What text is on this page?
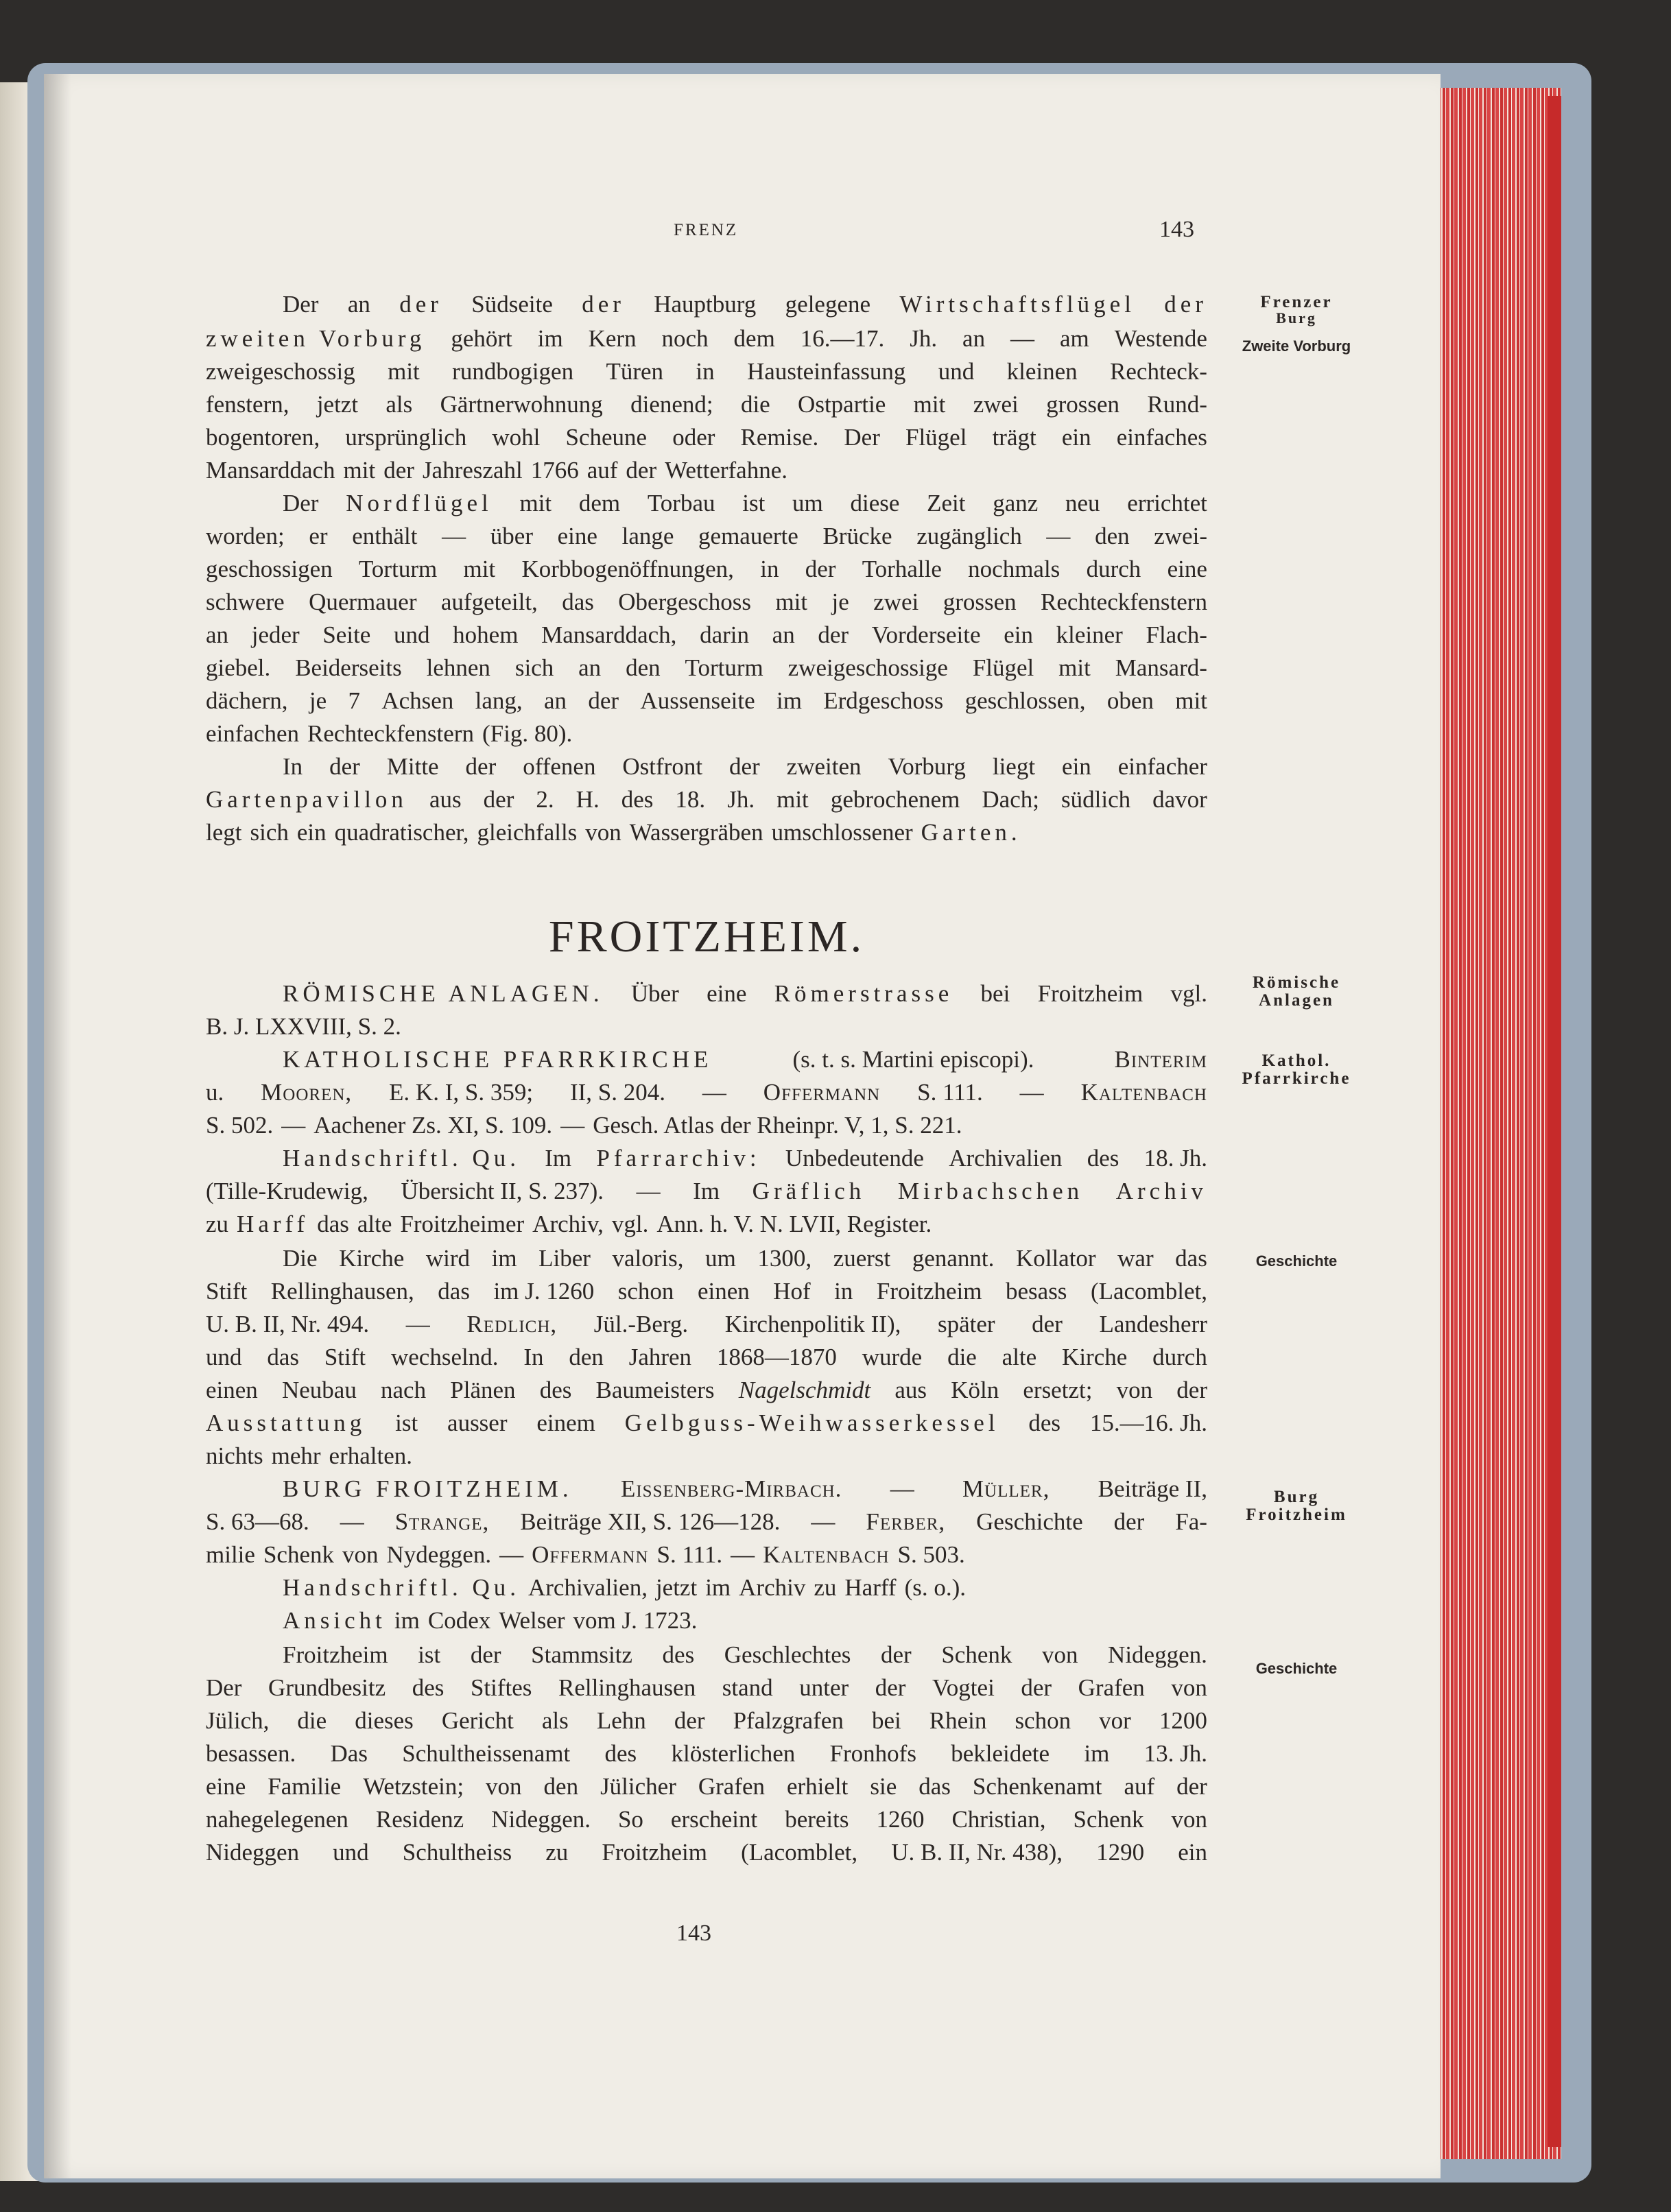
FRENZ	143
Frenzer
Burg
Zweite Vorburg
Römische
Anlagen
Kathol.
Pfarrkirche
Geschichte
Burg
Froitzheim
Geschichte
FROITZHEIM.
Der an der Südseite der Hauptburg gelegene Wirtschaftsflügel der
zweiten Vorburg gehört im Kern noch dem 16.—17. Jh. an — am Westende
zweigeschossig mit rundbogigen Türen in Hausteinfassung und kleinen Rechteck-
fenstern, jetzt als Gärtnerwohnung dienend; die Ostpartie mit zwei grossen Rund-
bogentoren, ursprünglich wohl Scheune oder Remise. Der Flügel trägt ein einfaches
Mansarddach mit der Jahreszahl 1766 auf der Wetterfahne.
Der Nordflügel mit dem Torbau ist um diese Zeit ganz neu errichtet
worden; er enthält — über eine lange gemauerte Brücke zugänglich — den zwei-
geschossigen Torturm mit Korbbogenöffnungen, in der Torhalle nochmals durch eine
schwere Quermauer aufgeteilt, das Obergeschoss mit je zwei grossen Rechteckfenstern
an jeder Seite und hohem Mansarddach, darin an der Vorderseite ein kleiner Flach-
giebel. Beiderseits lehnen sich an den Torturm zweigeschossige Flügel mit Mansard-
dächern, je 7 Achsen lang, an der Aussenseite im Erdgeschoss geschlossen, oben mit
einfachen Rechteckfenstern (Fig. 80).
In der Mitte der offenen Ostfront der zweiten Vorburg liegt ein einfacher
Gartenpavillon aus der 2. H. des 18. Jh. mit gebrochenem Dach; südlich davor
legt sich ein quadratischer, gleichfalls von Wassergräben umschlossener Garten.
RÖMISCHE ANLAGEN. Über eine Römerstrasse bei Froitzheim vgl.
B. J. LXXVIII, S. 2.
KATHOLISCHE PFARRKIRCHE	(s. t. s. Martini episcopi).	Binterim
u. Mooren, E. K. I, S. 359; II, S. 204. — Offermann S. 111. — Kaltenbach
S. 502. — Aachener Zs. XI, S. 109. — Gesch. Atlas der Rheinpr. V, 1, S. 221.
Handschriftl. Qu. Im Pfarrarchiv: Unbedeutende Archivalien des 18. Jh.
(Tille-Krudewig, Übersicht II, S. 237). — Im Gräflich Mirbachschen Archiv
zu Harff das alte Froitzheimer Archiv, vgl. Ann. h. V. N. LVII, Register.
Die Kirche wird im Liber valoris, um 1300, zuerst genannt. Kollator war das
Stift Rellinghausen, das im J. 1260 schon einen Hof in Froitzheim besass (Lacomblet,
U. B. II, Nr. 494. — Redlich, Jül.-Berg. Kirchenpolitik II), später der Landesherr
und das Stift wechselnd. In den Jahren 1868—1870 wurde die alte Kirche durch
einen Neubau nach Plänen des Baumeisters Nagelschmidt aus Köln ersetzt; von der
Ausstattung ist ausser einem Gelbguss-Weihwasserkessel des 15.—16. Jh.
nichts mehr erhalten.
BURG FROITZHEIM. Eissenberg-Mirbach. — Müller, Beiträge II,
S. 63—68. — Strange, Beiträge XII, S. 126—128. — Ferber, Geschichte der Fa-
milie Schenk von Nydeggen. — Offermann S. 111. — Kaltenbach S. 503.
Handschriftl. Qu. Archivalien, jetzt im Archiv zu Harff (s. o.).
Ansicht im Codex Welser vom J. 1723.
Froitzheim ist der Stammsitz des Geschlechtes der Schenk von Nideggen.
Der Grundbesitz des Stiftes Rellinghausen stand unter der Vogtei der Grafen von
Jülich, die dieses Gericht als Lehn der Pfalzgrafen bei Rhein schon vor 1200
besassen. Das Schultheissenamt des klösterlichen Fronhofs bekleidete im 13. Jh.
eine Familie Wetzstein; von den Jülicher Grafen erhielt sie das Schenkenamt auf der
nahegelegenen Residenz Nideggen. So erscheint bereits 1260 Christian, Schenk von
Nideggen und Schultheiss zu Froitzheim (Lacomblet, U. B. II, Nr. 438), 1290 ein
143
